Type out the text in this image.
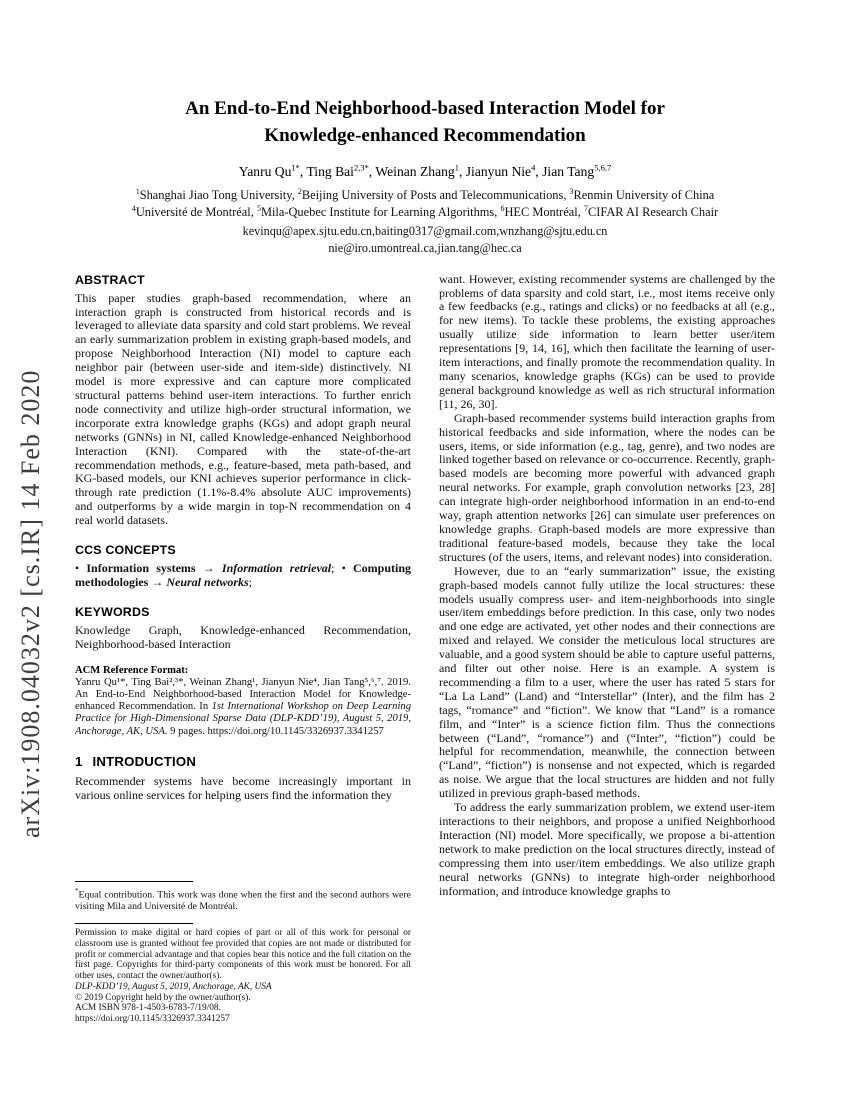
arXiv:1908.04032v2 [cs.IR] 14 Feb 2020
An End-to-End Neighborhood-based Interaction Model for
Knowledge-enhanced Recommendation
Yanru $Qu^{1*}$, Ting Bai$^{2,3*}$, Weinan Zhang$^1$, Jianyun Nie$^4$, Jian Tang$^{5,6,7}$
$^1$Shanghai Jiao Tong University, $^2$Beijing University of Posts and Telecommunications, $^3$Renmin University of China
$^4$Université de Montréal, $^5$Mila-Quebec Institute for Learning Algorithms, $^6$HEC Montréal, $^7$CIFAR AI Research Chair
kevinqu@apex.sjtu.edu.cn,baiting0317@gmail.com,wnzhang@sjtu.edu.cn
nie@iro.umontreal.ca,jian.tang@hec.ca
ABSTRACT

This paper studies graph-based recommendation, where an interaction graph is constructed from historical records and is leveraged to alleviate data sparsity and cold start problems. We reveal an early summarization problem in existing graph-based models, and propose Neighborhood Interaction (NI) model to capture each neighbor pair (between user-side and item-side) distinctively. NI model is more expressive and can capture more complicated structural patterns behind user-item interactions. To further enrich node connectivity and utilize high-order structural information, we incorporate extra knowledge graphs (KGs) and adopt graph neural networks (GNNs) in NI, called Knowledge-enhanced Neighborhood Interaction (KNI). Compared with the state-of-the-art recommendation methods, e.g., feature-based, meta path-based, and KG-based models, our KNI achieves superior performance in click-through rate prediction (1.1%-8.4% absolute AUC improvements) and outperforms by a wide margin in top-N recommendation on 4 real world datasets.

CCS CONCEPTS

• Information systems → Information retrieval; • Computing methodologies → Neural networks;

KEYWORDS

Knowledge Graph, Knowledge-enhanced Recommendation, Neighborhood-based Interaction

ACM Reference Format:

Yanru Qu¹*, Ting Bai²,³*, Weinan Zhang¹, Jianyun Nie⁴, Jian Tang⁵,⁶,⁷. 2019. An End-to-End Neighborhood-based Interaction Model for Knowledge-enhanced Recommendation. In 1st International Workshop on Deep Learning Practice for High-Dimensional Sparse Data (DLP-KDD’19), August 5, 2019, Anchorage, AK, USA. 9 pages. https://doi.org/10.1145/3326937.3341257

1 INTRODUCTION

Recommender systems have become increasingly important in various online services for helping users find the information they

*Equal contribution. This work was done when the first and the second authors were visiting Mila and Université de Montréal.

Permission to make digital or hard copies of part or all of this work for personal or classroom use is granted without fee provided that copies are not made or distributed for profit or commercial advantage and that copies bear this notice and the full citation on the first page. Copyrights for third-party components of this work must be honored. For all other uses, contact the owner/author(s).

DLP-KDD’19, August 5, 2019, Anchorage, AK, USA

© 2019 Copyright held by the owner/author(s).

ACM ISBN 978-1-4503-6783-7/19/08.

https://doi.org/10.1145/3326937.3341257

want. However, existing recommender systems are challenged by the problems of data sparsity and cold start, i.e., most items receive only a few feedbacks (e.g., ratings and clicks) or no feedbacks at all (e.g., for new items). To tackle these problems, the existing approaches usually utilize side information to learn better user/item representations [9, 14, 16], which then facilitate the learning of user-item interactions, and finally promote the recommendation quality. In many scenarios, knowledge graphs (KGs) can be used to provide general background knowledge as well as rich structural information [11, 26, 30].

Graph-based recommender systems build interaction graphs from historical feedbacks and side information, where the nodes can be users, items, or side information (e.g., tag, genre), and two nodes are linked together based on relevance or co-occurrence. Recently, graph-based models are becoming more powerful with advanced graph neural networks. For example, graph convolution networks [23, 28] can integrate high-order neighborhood information in an end-to-end way, graph attention networks [26] can simulate user preferences on knowledge graphs. Graph-based models are more expressive than traditional feature-based models, because they take the local structures (of the users, items, and relevant nodes) into consideration.

However, due to an “early summarization” issue, the existing graph-based models cannot fully utilize the local structures: these models usually compress user- and item-neighborhoods into single user/item embeddings before prediction. In this case, only two nodes and one edge are activated, yet other nodes and their connections are mixed and relayed. We consider the meticulous local structures are valuable, and a good system should be able to capture useful patterns, and filter out other noise. Here is an example. A system is recommending a film to a user, where the user has rated 5 stars for “La La Land” (Land) and “Interstellar” (Inter), and the film has 2 tags, “romance” and “fiction”. We know that “Land” is a romance film, and “Inter” is a science fiction film. Thus the connections between (“Land”, “romance”) and (“Inter”, “fiction”) could be helpful for recommendation, meanwhile, the connection between (“Land”, “fiction”) is nonsense and not expected, which is regarded as noise. We argue that the local structures are hidden and not fully utilized in previous graph-based methods.

To address the early summarization problem, we extend user-item interactions to their neighbors, and propose a unified Neighborhood Interaction (NI) model. More specifically, we propose a bi-attention network to make prediction on the local structures directly, instead of compressing them into user/item embeddings. We also utilize graph neural networks (GNNs) to integrate high-order neighborhood information, and introduce knowledge graphs to
